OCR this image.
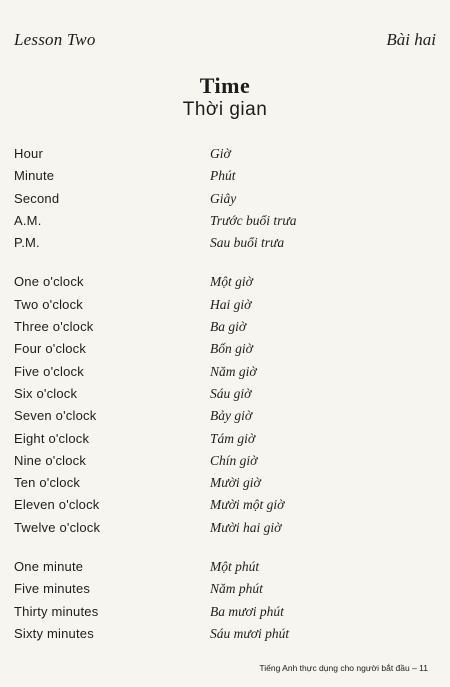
Lesson Two	Bài hai
Time
Thời gian
Hour	Giờ
Minute	Phút
Second	Giây
A.M.	Trước buổi trưa
P.M.	Sau buổi trưa
One o'clock	Một giờ
Two o'clock	Hai giờ
Three o'clock	Ba giờ
Four o'clock	Bốn giờ
Five o'clock	Năm giờ
Six o'clock	Sáu giờ
Seven o'clock	Bảy giờ
Eight o'clock	Tám giờ
Nine o'clock	Chín giờ
Ten o'clock	Mười giờ
Eleven o'clock	Mười một giờ
Twelve o'clock	Mười hai giờ
One minute	Một phút
Five minutes	Năm phút
Thirty minutes	Ba mươi phút
Sixty minutes	Sáu mươi phút
Tiếng Anh thực dụng cho người bắt đầu – 11
